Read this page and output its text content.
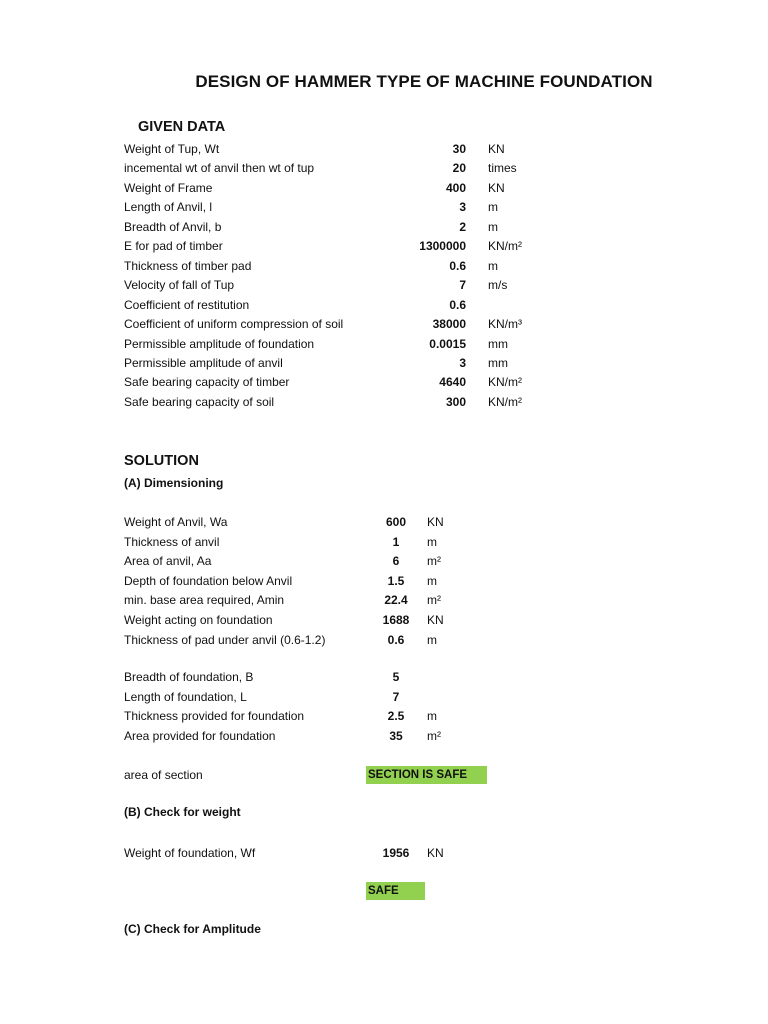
DESIGN OF HAMMER TYPE OF MACHINE FOUNDATION
GIVEN DATA
Weight of Tup, Wt	30 KN
incemental wt of anvil then wt of tup	20 times
Weight of Frame	400 KN
Length of Anvil, l	3 m
Breadth of Anvil, b	2 m
E for pad of timber	1300000 KN/m²
Thickness of timber pad	0.6 m
Velocity of fall of Tup	7 m/s
Coefficient of restitution	0.6
Coefficient of uniform compression of soil	38000 KN/m³
Permissible amplitude of foundation	0.0015 mm
Permissible amplitude of anvil	3 mm
Safe bearing capacity of timber	4640 KN/m²
Safe bearing capacity of soil	300 KN/m²
SOLUTION
(A) Dimensioning
Weight of Anvil, Wa	600	KN
Thickness of anvil	1	m
Area of anvil, Aa	6	m²
Depth of foundation below Anvil	1.5	m
min. base area required, Amin	22.4	m²
Weight acting on foundation	1688	KN
Thickness of pad under anvil (0.6-1.2)	0.6	m
Breadth of foundation, B	5
Length of foundation, L	7
Thickness provided for foundation	2.5	m
Area provided for foundation	35	m²
area of section	SECTION IS SAFE
(B) Check for weight
Weight of foundation, Wf	1956	KN
SAFE
(C) Check for Amplitude
